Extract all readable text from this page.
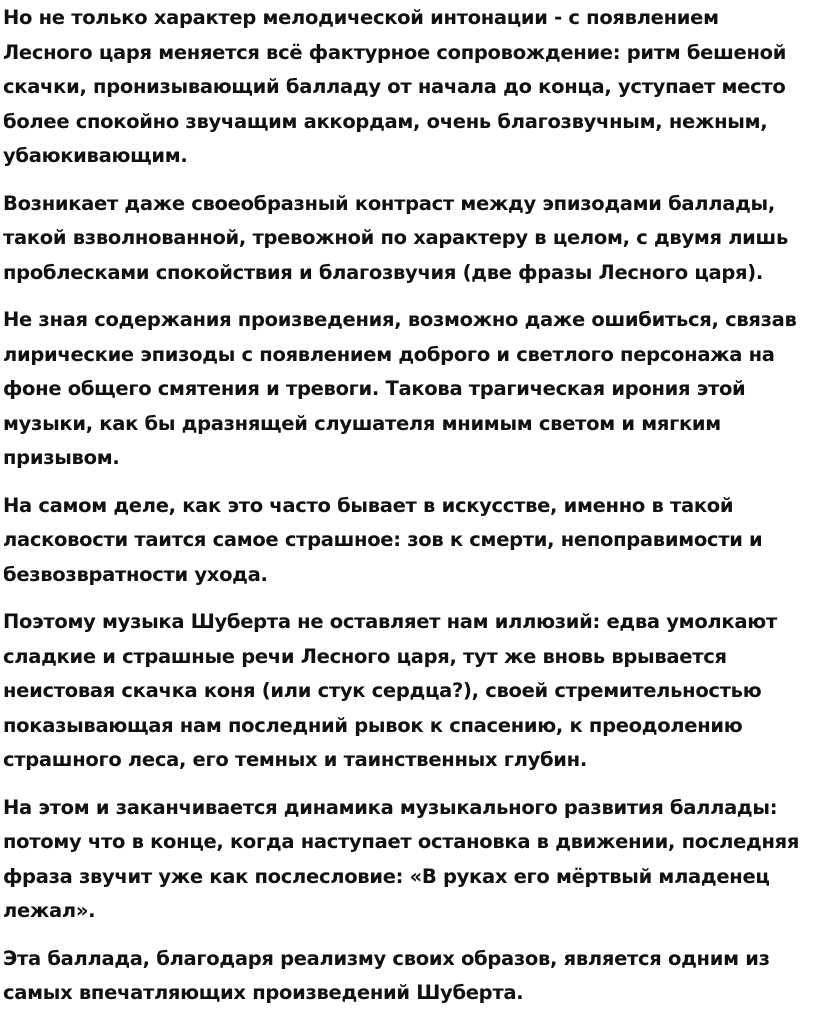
Но не только характер мелодической интонации - с появлением Лесного царя меняется всё фактурное сопровождение: ритм бешеной скачки, пронизывающий балладу от начала до конца, уступает место более спокойно звучащим аккордам, очень благозвучным, нежным, убаюкивающим.

Возникает даже своеобразный контраст между эпизодами баллады, такой взволнованной, тревожной по характеру в целом, с двумя лишь проблесками спокойствия и благозвучия (две фразы Лесного царя).

Не зная содержания произведения, возможно даже ошибиться, связав лирические эпизоды с появлением доброго и светлого персонажа на фоне общего смятения и тревоги. Такова трагическая ирония этой музыки, как бы дразнящей слушателя мнимым светом и мягким призывом.

На самом деле, как это часто бывает в искусстве, именно в такой ласковости таится самое страшное: зов к смерти, непоправимости и безвозвратности ухода.

Поэтому музыка Шуберта не оставляет нам иллюзий: едва умолкают сладкие и страшные речи Лесного царя, тут же вновь врывается неистовая скачка коня (или стук сердца?), своей стремительностью показывающая нам последний рывок к спасению, к преодолению страшного леса, его темных и таинственных глубин.

На этом и заканчивается динамика музыкального развития баллады: потому что в конце, когда наступает остановка в движении, последняя фраза звучит уже как послесловие: «В руках его мёртвый младенец лежал».

Эта баллада, благодаря реализму своих образов, является одним из самых впечатляющих произведений Шуберта.
